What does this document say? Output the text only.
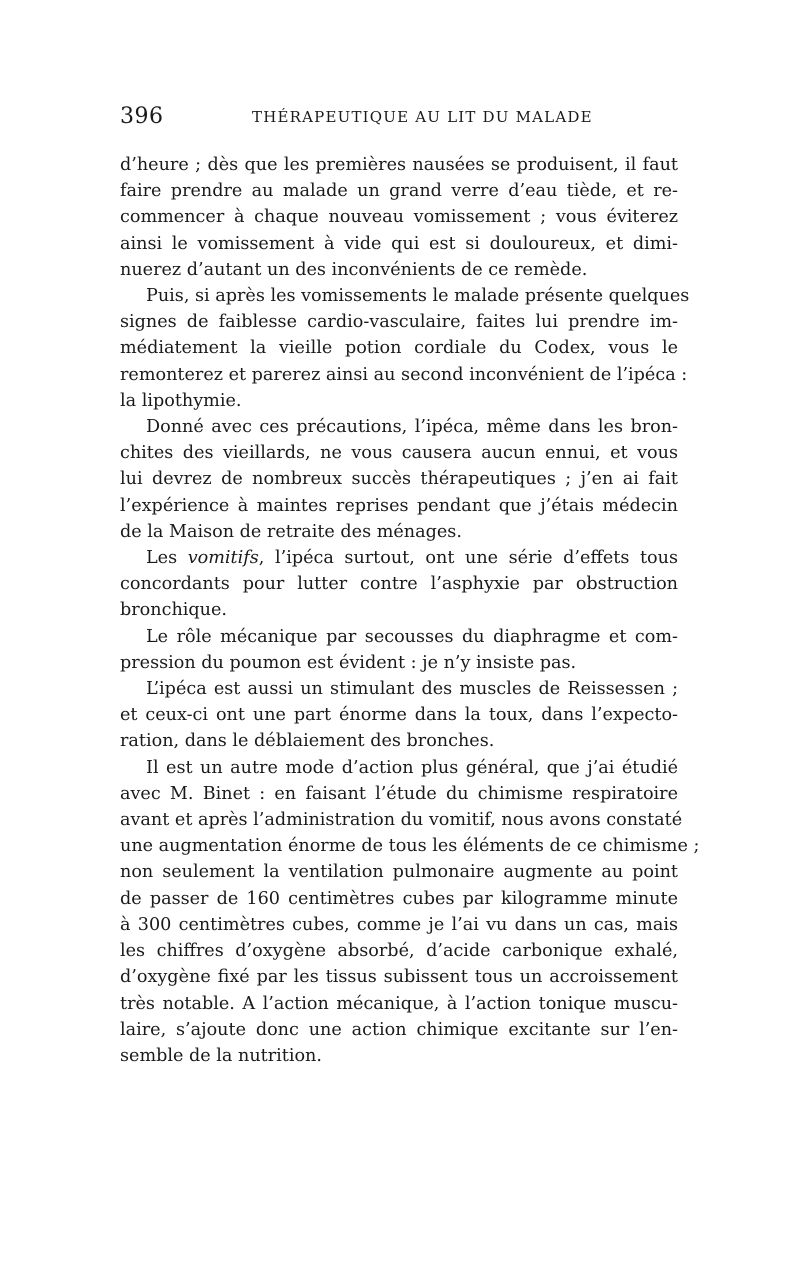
396	THÉRAPEUTIQUE AU LIT DU MALADE

d’heure ; dès que les premières nausées se produisent, il faut
faire prendre au malade un grand verre d’eau tiède, et re-
commencer à chaque nouveau vomissement ; vous éviterez
ainsi le vomissement à vide qui est si douloureux, et dimi-
nuerez d’autant un des inconvénients de ce remède.

Puis, si après les vomissements le malade présente quelques
signes de faiblesse cardio-vasculaire, faites lui prendre im-
médiatement la vieille potion cordiale du Codex, vous le
remonterez et parerez ainsi au second inconvénient de l’ipéca :
la lipothymie.

Donné avec ces précautions, l’ipéca, même dans les bron-
chites des vieillards, ne vous causera aucun ennui, et vous
lui devrez de nombreux succès thérapeutiques ; j’en ai fait
l’expérience à maintes reprises pendant que j’étais médecin
de la Maison de retraite des ménages.

Les vomitifs, l’ipéca surtout, ont une série d’effets tous
concordants pour lutter contre l’asphyxie par obstruction
bronchique.

Le rôle mécanique par secousses du diaphragme et com-
pression du poumon est évident : je n’y insiste pas.

L’ipéca est aussi un stimulant des muscles de Reissessen ;
et ceux-ci ont une part énorme dans la toux, dans l’expecto-
ration, dans le déblaiement des bronches.

Il est un autre mode d’action plus général, que j’ai étudié
avec M. Binet : en faisant l’étude du chimisme respiratoire
avant et après l’administration du vomitif, nous avons constaté
une augmentation énorme de tous les éléments de ce chimisme ;
non seulement la ventilation pulmonaire augmente au point
de passer de 160 centimètres cubes par kilogramme minute
à 300 centimètres cubes, comme je l’ai vu dans un cas, mais
les chiffres d’oxygène absorbé, d’acide carbonique exhalé,
d’oxygène fixé par les tissus subissent tous un accroissement
très notable. A l’action mécanique, à l’action tonique muscu-
laire, s’ajoute donc une action chimique excitante sur l’en-
semble de la nutrition.
